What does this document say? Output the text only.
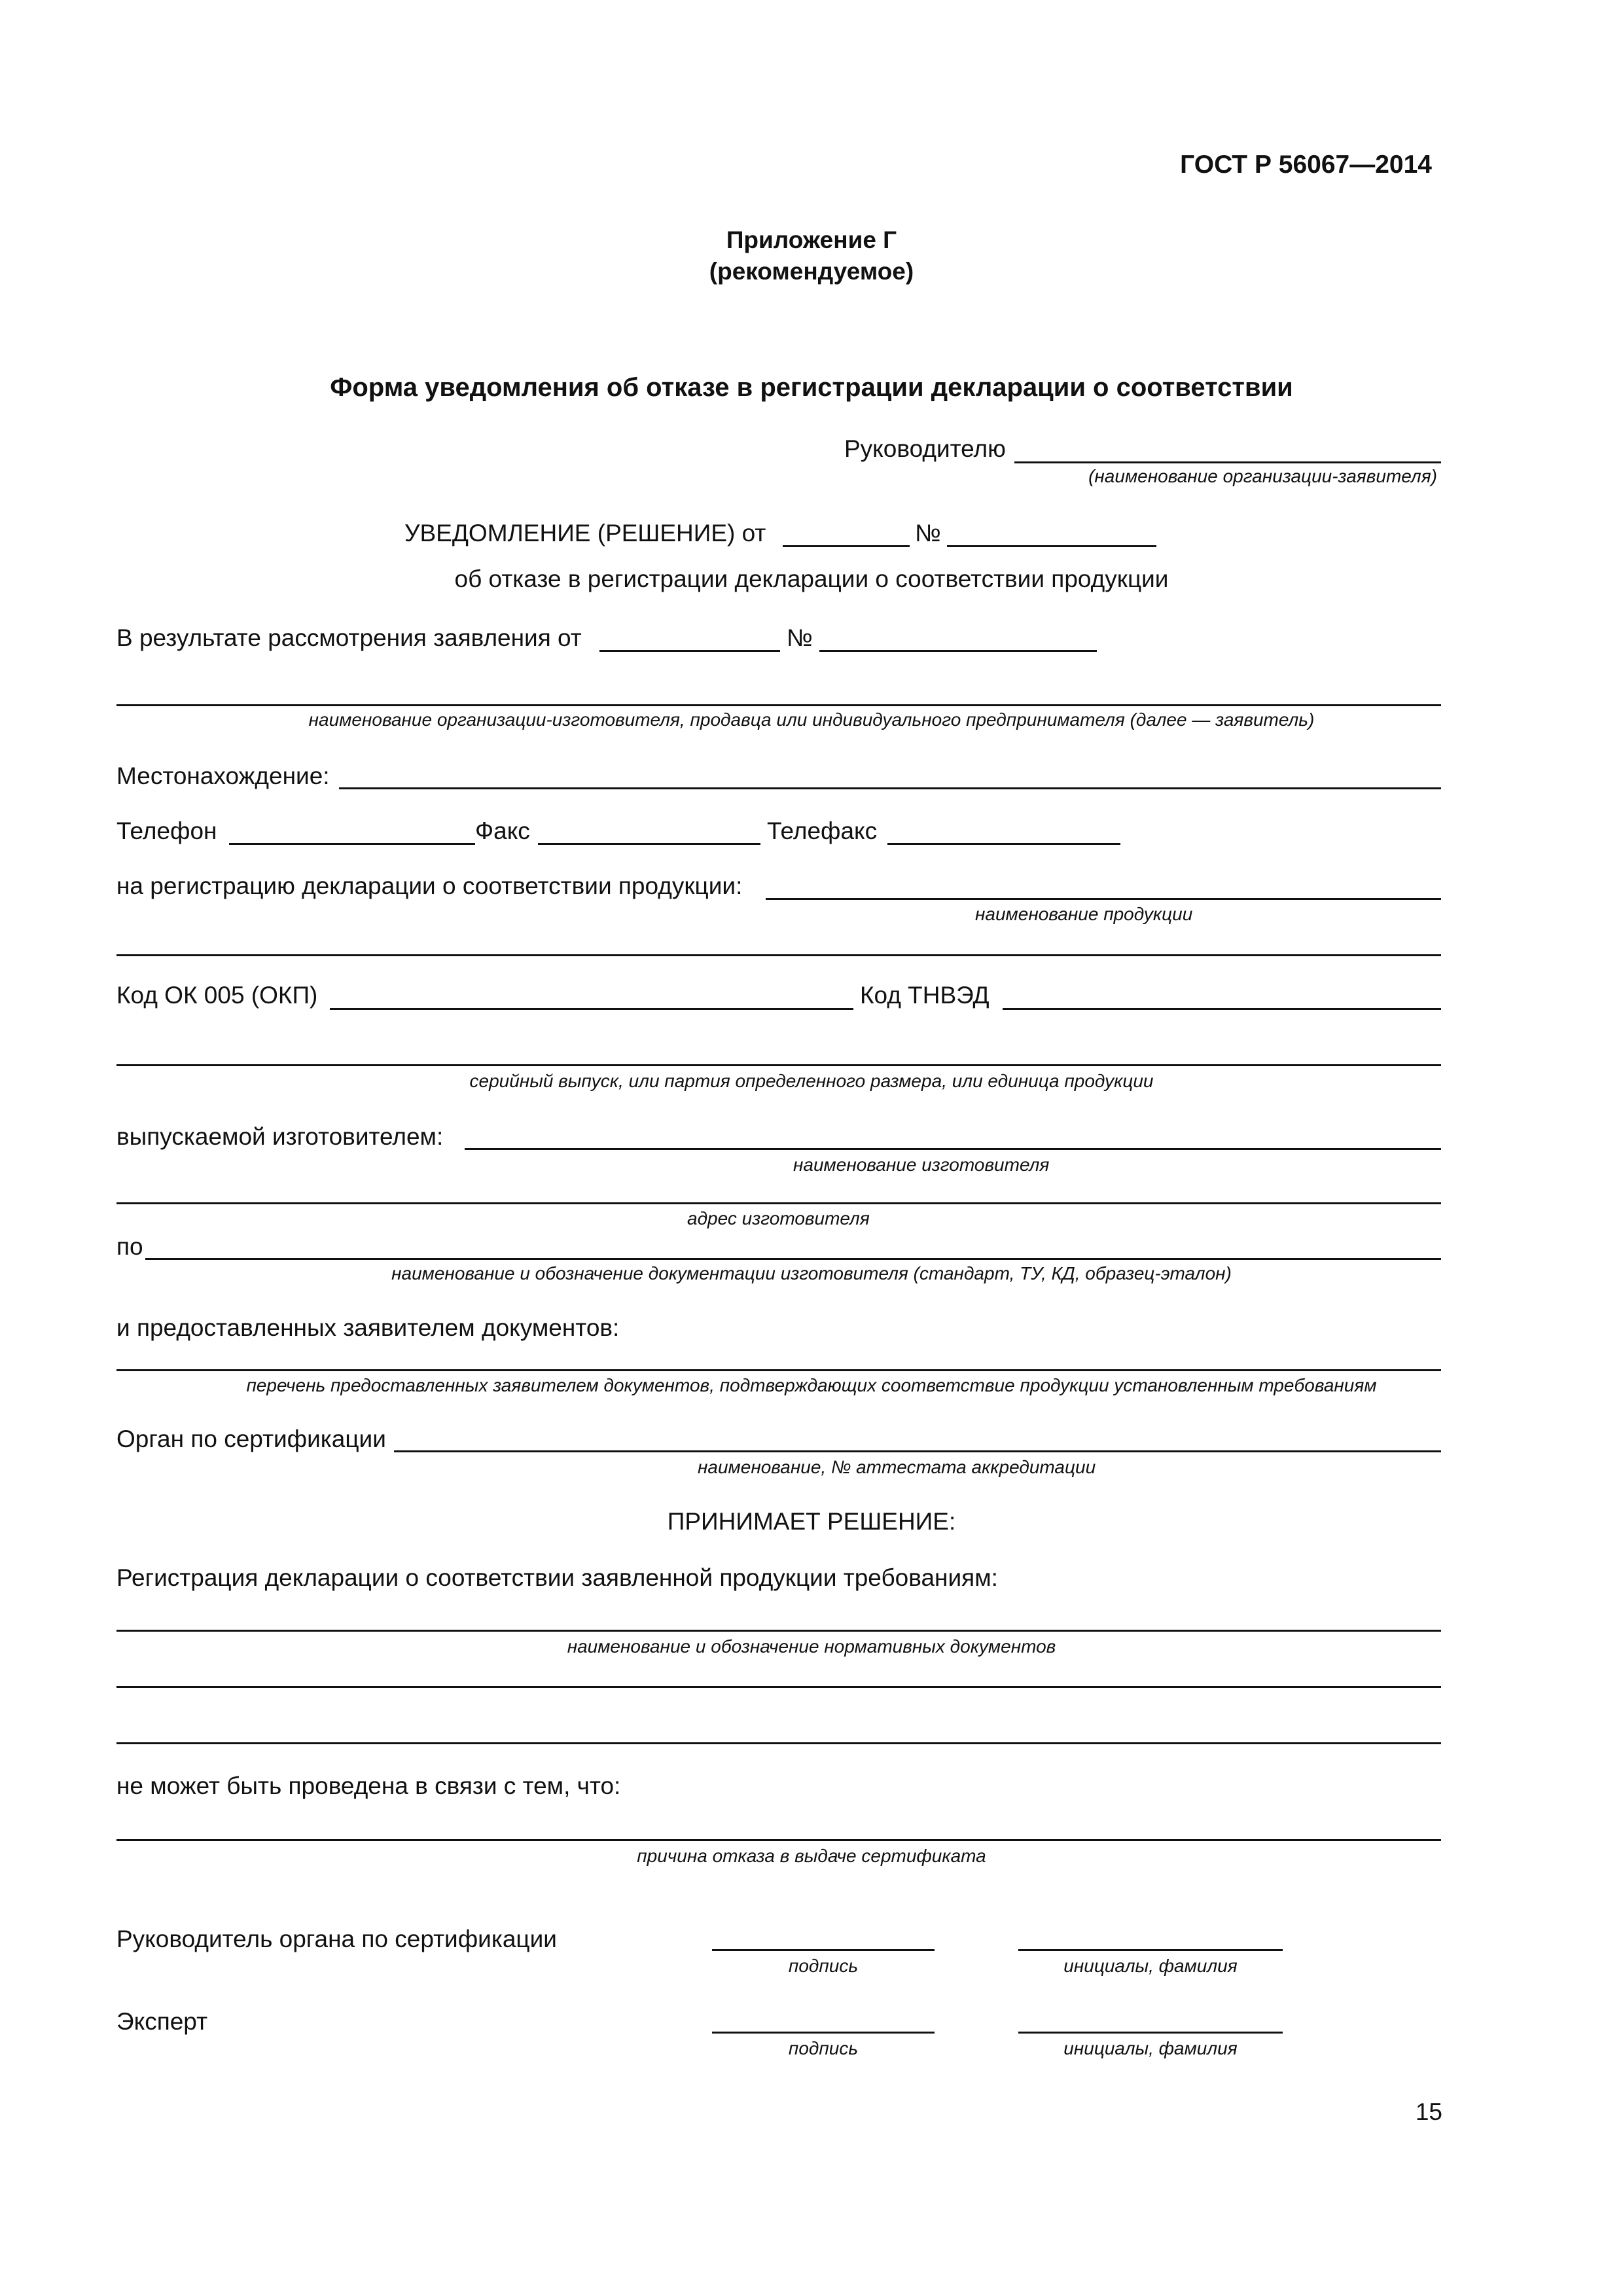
ГОСТ Р 56067—2014
Приложение Г
(рекомендуемое)
Форма уведомления об отказе в регистрации декларации о соответствии
Руководителю
(наименование организации-заявителя)
УВЕДОМЛЕНИЕ (РЕШЕНИЕ) от	№
об отказе в регистрации декларации о соответствии продукции
В результате рассмотрения заявления от	№
наименование организации-изготовителя, продавца или индивидуального предпринимателя (далее — заявитель)
Местонахождение:
Телефон	Факс	Телефакс
на регистрацию декларации о соответствии продукции:
наименование продукции
Код ОК 005 (ОКП)	Код ТНВЭД
серийный выпуск, или партия определенного размера, или единица продукции
выпускаемой изготовителем:
наименование изготовителя
адрес изготовителя
по
наименование и обозначение документации изготовителя (стандарт, ТУ, КД, образец-эталон)
и предоставленных заявителем документов:
перечень предоставленных заявителем документов, подтверждающих соответствие продукции установленным требованиям
Орган по сертификации
наименование, № аттестата аккредитации
ПРИНИМАЕТ РЕШЕНИЕ:
Регистрация декларации о соответствии заявленной продукции требованиям:
наименование и обозначение нормативных документов
не может быть проведена в связи с тем, что:
причина отказа в выдаче сертификата
Руководитель органа по сертификации
подпись	инициалы, фамилия
Эксперт
подпись	инициалы, фамилия
15
